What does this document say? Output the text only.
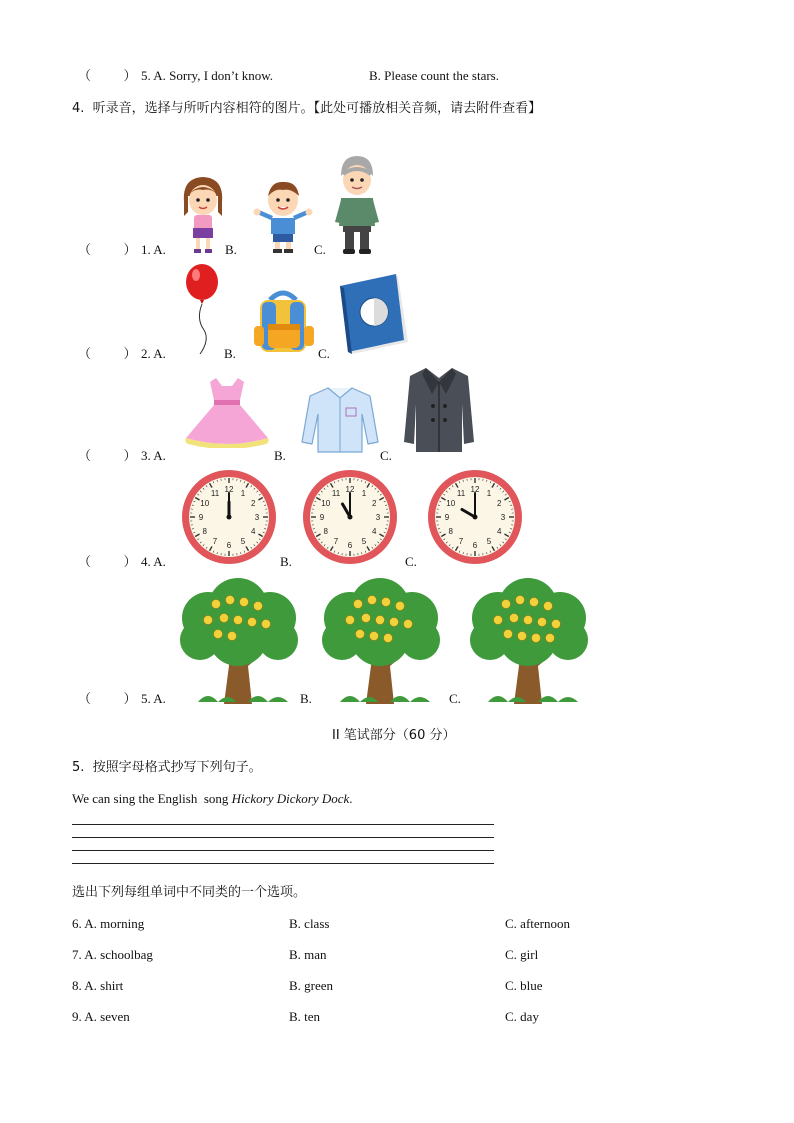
（          ） 5. A. Sorry, I don’t know.	B. Please count the stars.
4.  听录音，选择与所听内容相符的图片。【此处可播放相关音频，请去附件查看】
（          ） 1. A.	B.	C.
（          ） 2. A.	B.	C.
（          ） 3. A.	B.	C.
（          ） 4. A.	B.	C.
1
2
3
4
5
6
7
8
9
10
11 12	1
2
3
4
5
6
7
8
9
10
11 12	1
2
3
4
5
6
7
8
9
10
11 12
（          ） 5. A.	B.	C.
II 笔试部分（60 分）
5.  按照字母格式抄写下列句子。
We can sing the English  song Hickory Dickory Dock.
选出下列每组单词中不同类的一个选项。
6. A. morning	B. class	C. afternoon
7. A. schoolbag	B. man	C. girl
8. A. shirt	B. green	C. blue
9. A. seven	B. ten	C. day
